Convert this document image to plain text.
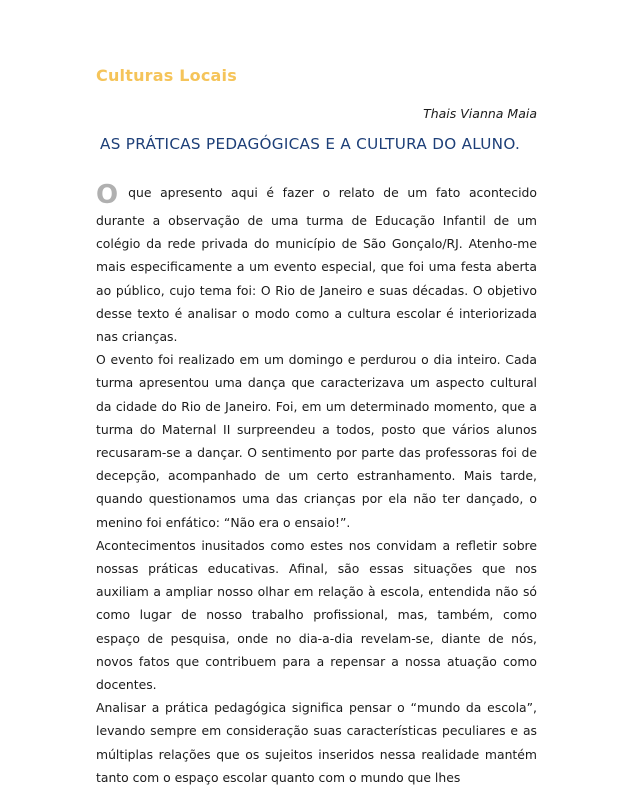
Culturas Locais
Thais Vianna Maia
AS PRÁTICAS PEDAGÓGICAS E A CULTURA DO ALUNO.
O que apresento aqui é fazer o relato de um fato acontecido

durante a observação de uma turma de Educação Infantil de um colégio da rede privada do município de São Gonçalo/RJ. Atenho-me mais especificamente a um evento especial, que foi uma festa aberta ao público, cujo tema foi: O Rio de Janeiro e suas décadas. O objetivo desse texto é analisar o modo como a cultura escolar é interiorizada nas crianças.

O evento foi realizado em um domingo e perdurou o dia inteiro. Cada turma apresentou uma dança que caracterizava um aspecto cultural da cidade do Rio de Janeiro. Foi, em um determinado momento, que a turma do Maternal II surpreendeu a todos, posto que vários alunos recusaram-se a dançar. O sentimento por parte das professoras foi de decepção, acompanhado de um certo estranhamento. Mais tarde, quando questionamos uma das crianças por ela não ter dançado, o menino foi enfático: “Não era o ensaio!”.

Acontecimentos inusitados como estes nos convidam a refletir sobre nossas práticas educativas. Afinal, são essas situações que nos auxiliam a ampliar nosso olhar em relação à escola, entendida não só como lugar de nosso trabalho profissional, mas, também, como espaço de pesquisa, onde no dia-a-dia revelam-se, diante de nós, novos fatos que contribuem para a repensar a nossa atuação como docentes.

Analisar a prática pedagógica significa pensar o “mundo da escola”, levando sempre em consideração suas características peculiares e as múltiplas relações que os sujeitos inseridos nessa realidade mantém tanto com o espaço escolar quanto com o mundo que lhes
